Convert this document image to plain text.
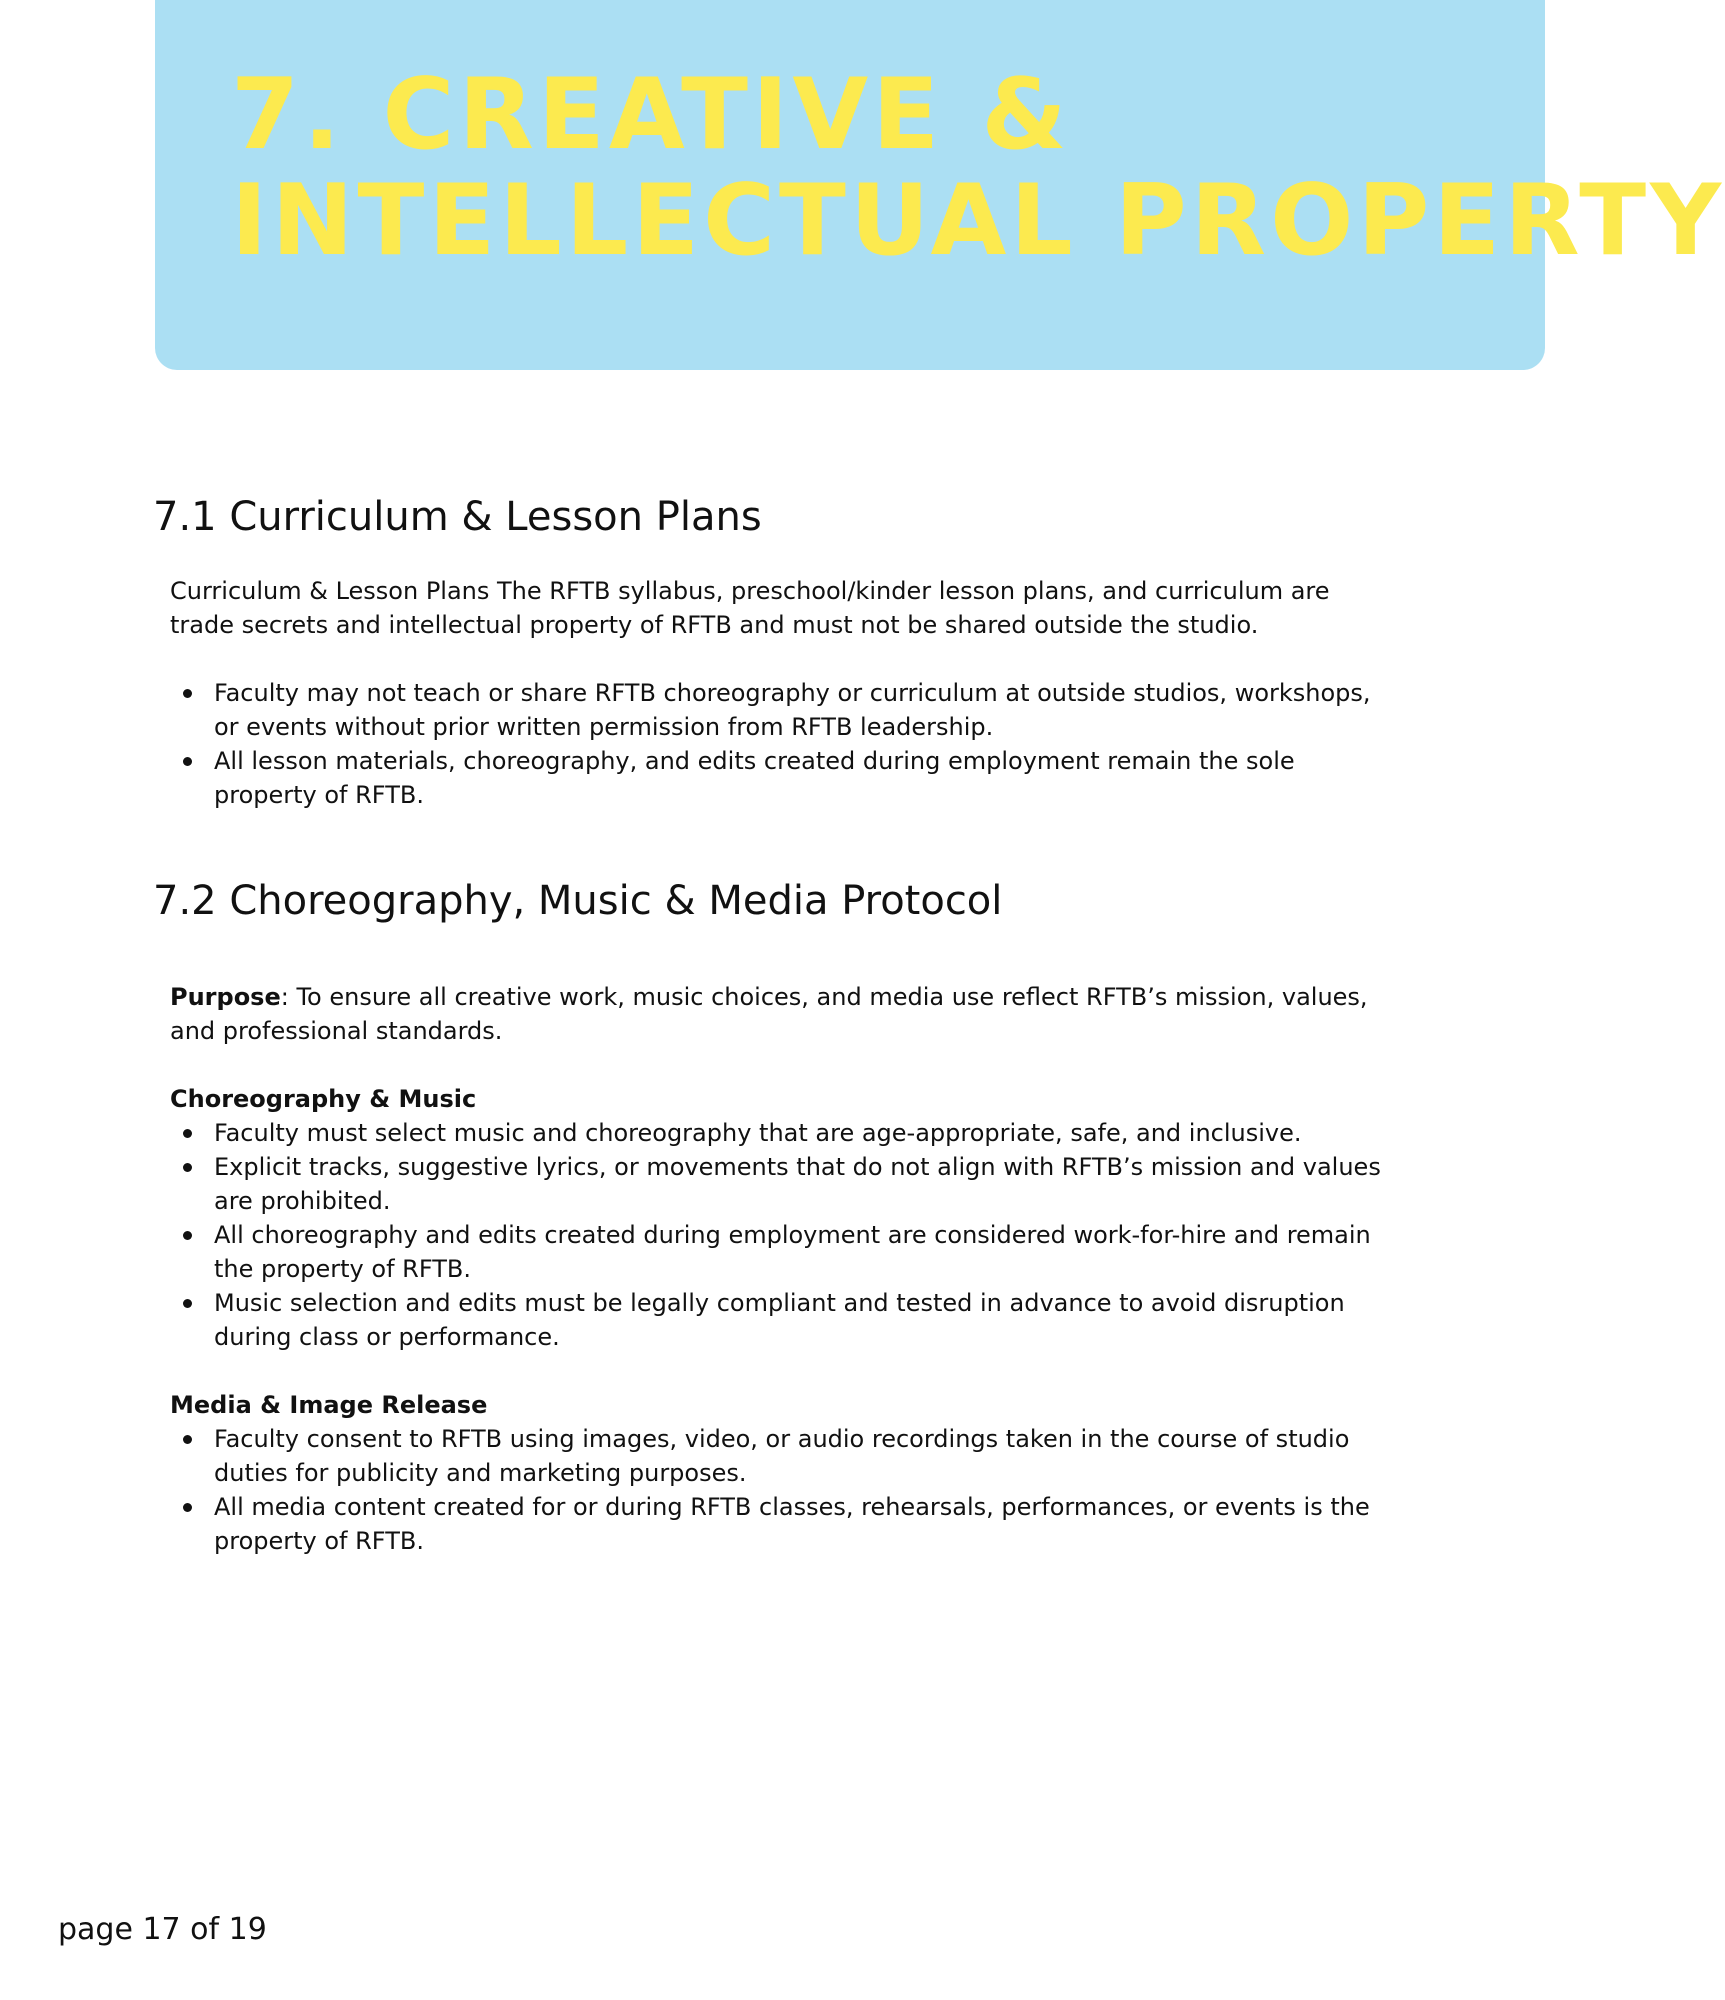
7. CREATIVE &
INTELLECTUAL PROPERTY
7.1 Curriculum & Lesson Plans

Curriculum & Lesson Plans The RFTB syllabus, preschool/kinder lesson plans, and curriculum are trade secrets and intellectual property of RFTB and must not be shared outside the studio.

Faculty may not teach or share RFTB choreography or curriculum at outside studios, workshops, or events without prior written permission from RFTB leadership.
All lesson materials, choreography, and edits created during employment remain the sole property of RFTB.
7.2 Choreography, Music & Media Protocol

Purpose: To ensure all creative work, music choices, and media use reflect RFTB’s mission, values, and professional standards.

Choreography & Music

Faculty must select music and choreography that are age-appropriate, safe, and inclusive.
Explicit tracks, suggestive lyrics, or movements that do not align with RFTB’s mission and values are prohibited.
All choreography and edits created during employment are considered work-for-hire and remain the property of RFTB.
Music selection and edits must be legally compliant and tested in advance to avoid disruption during class or performance.

Media & Image Release

Faculty consent to RFTB using images, video, or audio recordings taken in the course of studio duties for publicity and marketing purposes.
All media content created for or during RFTB classes, rehearsals, performances, or events is the property of RFTB.
page 17 of 19
